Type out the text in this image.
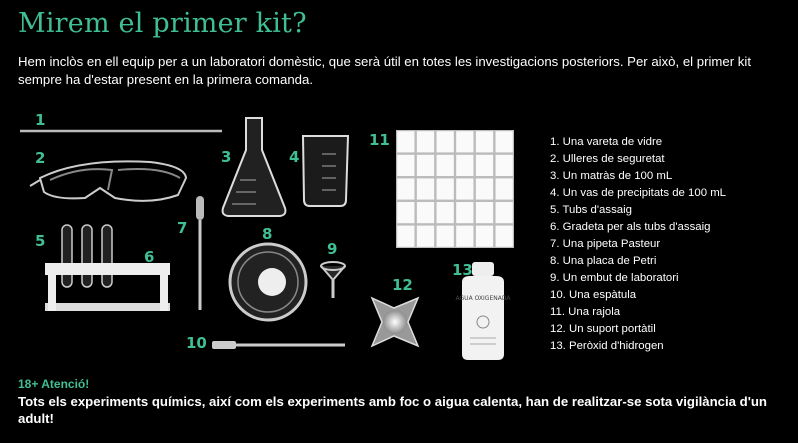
Mirem el primer kit?

Hem inclòs en ell equip per a un laboratori domèstic, que serà útil en totes les investigacions posteriors. Per això, el primer kit sempre ha d'estar present en la primera comanda.

AGUA OXIGENADA
1
2	3	4
5
6
7	8
9
10
11
12
13
1. Una vareta de vidre
2. Ulleres de seguretat
3. Un matràs de 100 mL
4. Un vas de precipitats de 100 mL
5. Tubs d'assaig
6. Gradeta per als tubs d'assaig
7. Una pipeta Pasteur
8. Una placa de Petri
9. Un embut de laboratori
10. Una espàtula
11. Una rajola
12. Un suport portàtil
13. Peròxid d'hidrogen
18+ Atenció!
Tots els experiments químics, així com els experiments amb foc o aigua calenta, han de realitzar-se sota vigilància d'un adult!
